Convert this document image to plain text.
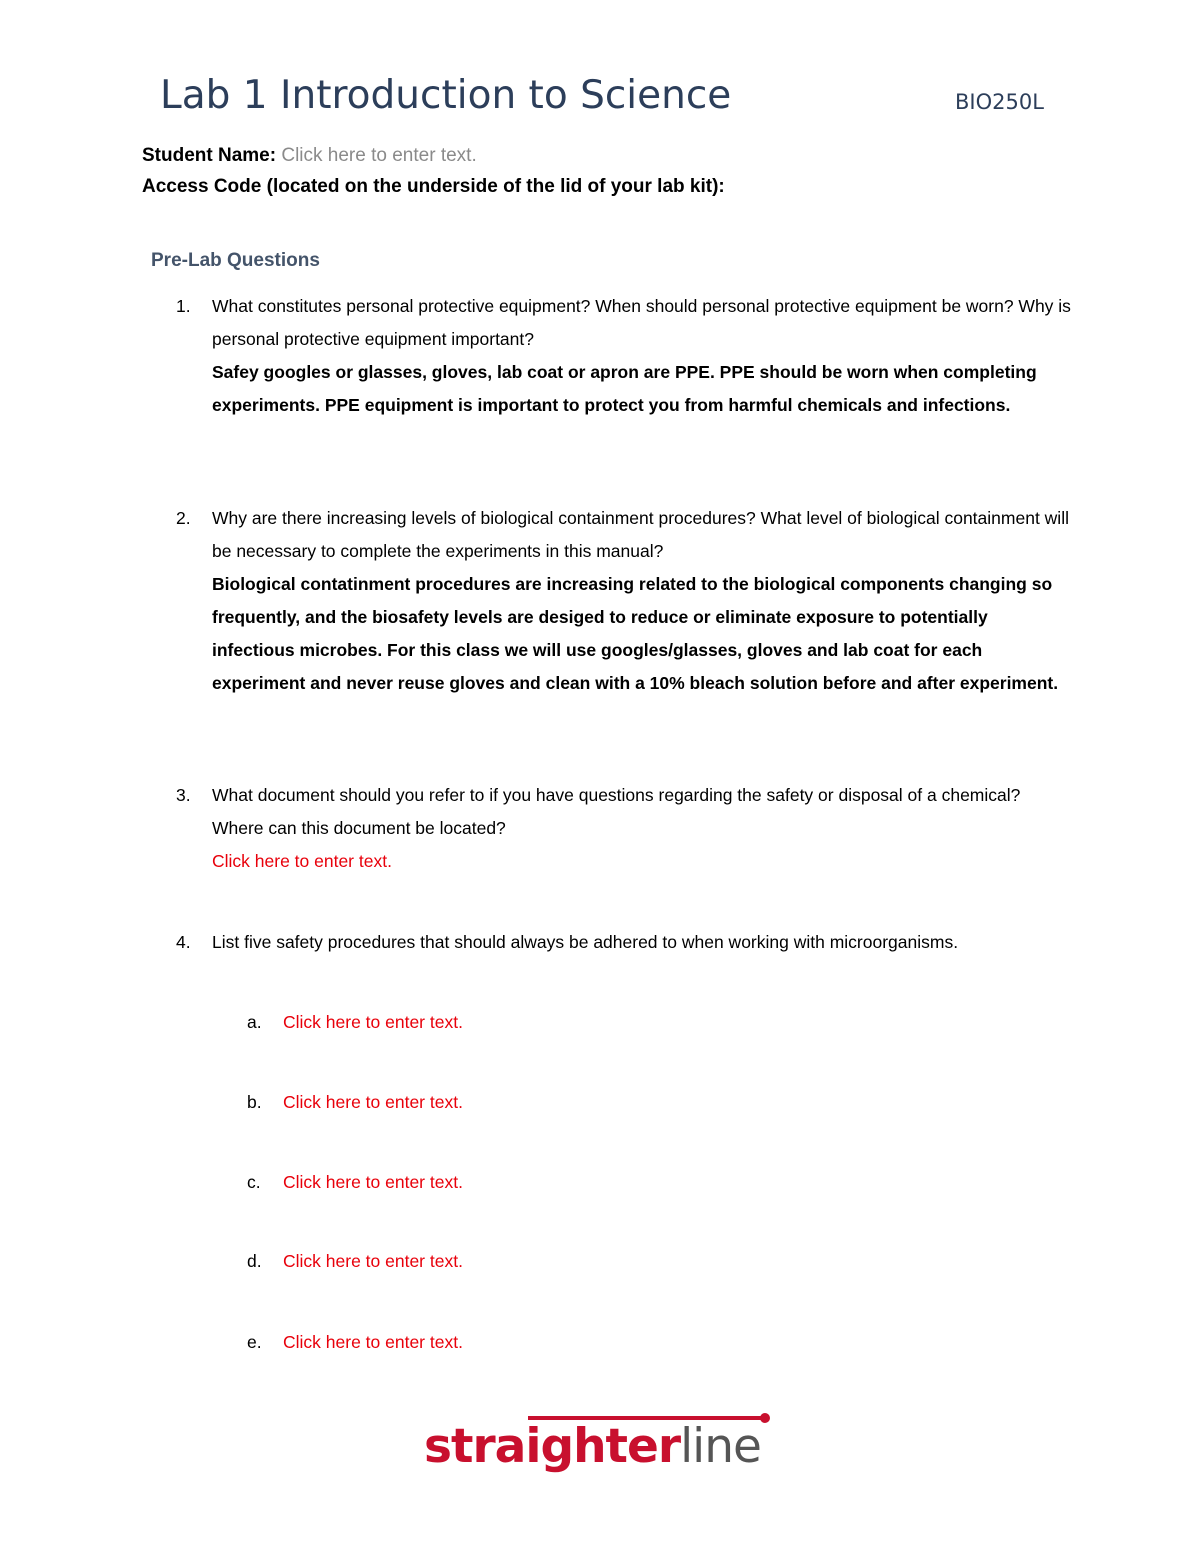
Lab 1 Introduction to Science	BIO250L
Student Name: Click here to enter text.
Access Code (located on the underside of the lid of your lab kit):
Pre-Lab Questions
1. What constitutes personal protective equipment? When should personal protective equipment be worn? Why is personal protective equipment important?
Safey googles or glasses, gloves, lab coat or apron are PPE. PPE should be worn when completing experiments. PPE equipment is important to protect you from harmful chemicals and infections.
2. Why are there increasing levels of biological containment procedures? What level of biological containment will be necessary to complete the experiments in this manual?
Biological contatinment procedures are increasing related to the biological components changing so frequently, and the biosafety levels are desiged to reduce or eliminate exposure to potentially infectious microbes. For this class we will use googles/glasses, gloves and lab coat for each experiment and never reuse gloves and clean with a 10% bleach solution before and after experiment.
3. What document should you refer to if you have questions regarding the safety or disposal of a chemical? Where can this document be located?
Click here to enter text.
4. List five safety procedures that should always be adhered to when working with microorganisms.
a. Click here to enter text.
b. Click here to enter text.
c. Click here to enter text.
d. Click here to enter text.
e. Click here to enter text.
straighterline
